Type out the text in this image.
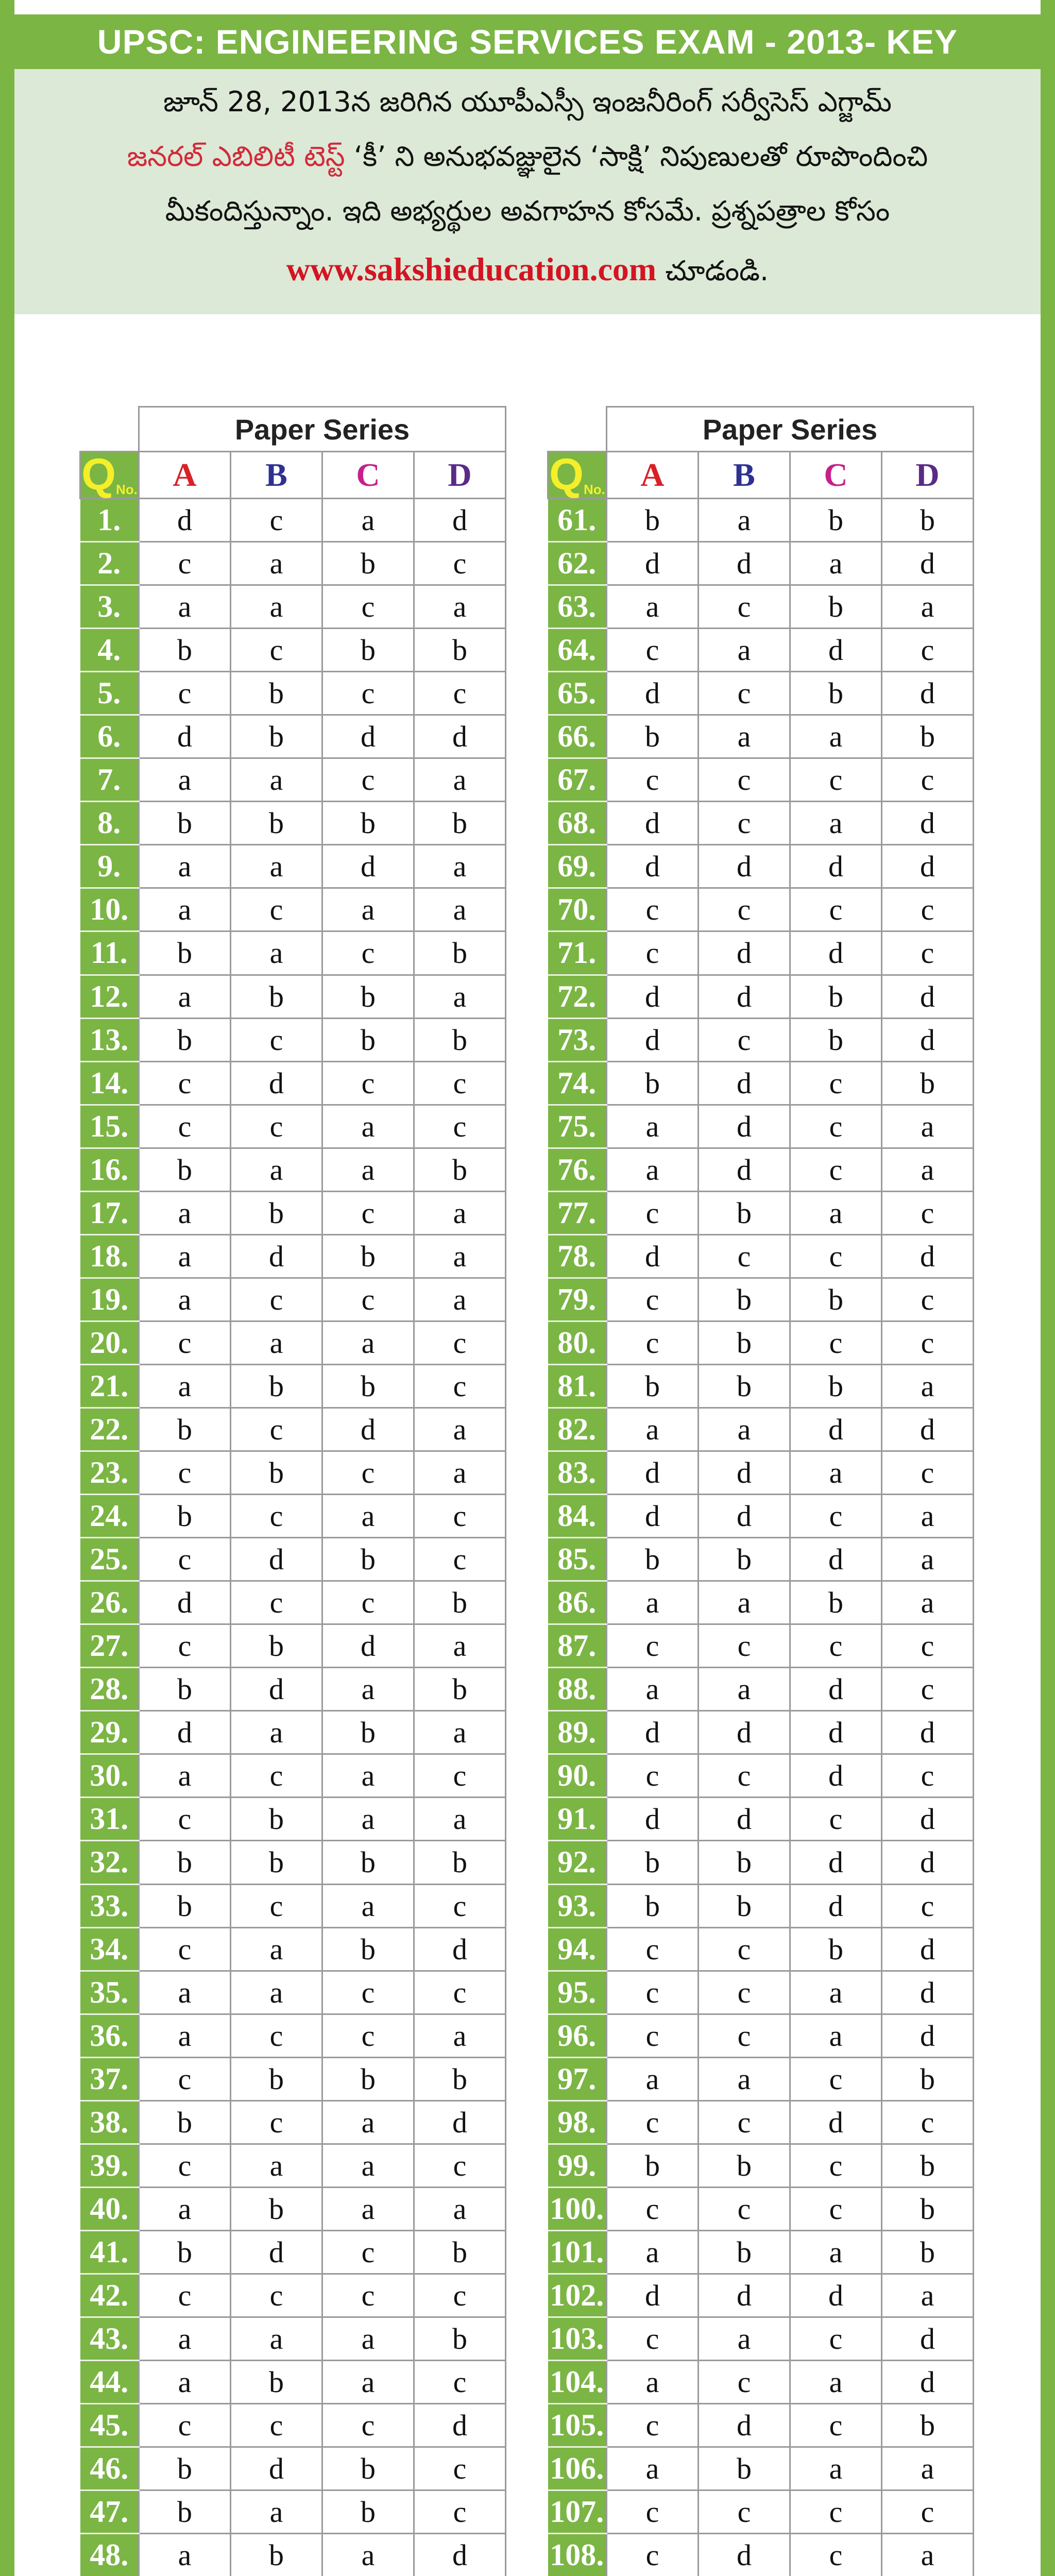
UPSC: ENGINEERING SERVICES EXAM - 2013- KEY
జూన్ 28, 2013న జరిగిన యూపీఎస్సీ ఇంజనీరింగ్ సర్వీసెస్ ఎగ్జామ్
జనరల్ ఎబిలిటీ టెస్ట్ ‘కీ’ ని అనుభవజ్ఞులైన ‘సాక్షి’ నిపుణులతో రూపొందించి
మీకందిస్తున్నాం. ఇది అభ్యర్థుల అవగాహన కోసమే. ప్రశ్నపత్రాల కోసం
www.sakshieducation.com చూడండి.
	Paper Series			
QNo.	A	B	C	D
1.	d	c	a	d
2.	c	a	b	c
3.	a	a	c	a
4.	b	c	b	b
5.	c	b	c	c
6.	d	b	d	d
7.	a	a	c	a
8.	b	b	b	b
9.	a	a	d	a
10.	a	c	a	a
11.	b	a	c	b
12.	a	b	b	a
13.	b	c	b	b
14.	c	d	c	c
15.	c	c	a	c
16.	b	a	a	b
17.	a	b	c	a
18.	a	d	b	a
19.	a	c	c	a
20.	c	a	a	c
21.	a	b	b	c
22.	b	c	d	a
23.	c	b	c	a
24.	b	c	a	c
25.	c	d	b	c
26.	d	c	c	b
27.	c	b	d	a
28.	b	d	a	b
29.	d	a	b	a
30.	a	c	a	c
31.	c	b	a	a
32.	b	b	b	b
33.	b	c	a	c
34.	c	a	b	d
35.	a	a	c	c
36.	a	c	c	a
37.	c	b	b	b
38.	b	c	a	d
39.	c	a	a	c
40.	a	b	a	a
41.	b	d	c	b
42.	c	c	c	c
43.	a	a	a	b
44.	a	b	a	c
45.	c	c	c	d
46.	b	d	b	c
47.	b	a	b	c
48.	a	b	a	d

	Paper Series			
QNo.	A	B	C	D
61.	b	a	b	b
62.	d	d	a	d
63.	a	c	b	a
64.	c	a	d	c
65.	d	c	b	d
66.	b	a	a	b
67.	c	c	c	c
68.	d	c	a	d
69.	d	d	d	d
70.	c	c	c	c
71.	c	d	d	c
72.	d	d	b	d
73.	d	c	b	d
74.	b	d	c	b
75.	a	d	c	a
76.	a	d	c	a
77.	c	b	a	c
78.	d	c	c	d
79.	c	b	b	c
80.	c	b	c	c
81.	b	b	b	a
82.	a	a	d	d
83.	d	d	a	c
84.	d	d	c	a
85.	b	b	d	a
86.	a	a	b	a
87.	c	c	c	c
88.	a	a	d	c
89.	d	d	d	d
90.	c	c	d	c
91.	d	d	c	d
92.	b	b	d	d
93.	b	b	d	c
94.	c	c	b	d
95.	c	c	a	d
96.	c	c	a	d
97.	a	a	c	b
98.	c	c	d	c
99.	b	b	c	b
100.	c	c	c	b
101.	a	b	a	b
102.	d	d	d	a
103.	c	a	c	d
104.	a	c	a	d
105.	c	d	c	b
106.	a	b	a	a
107.	c	c	c	c
108.	c	d	c	a
